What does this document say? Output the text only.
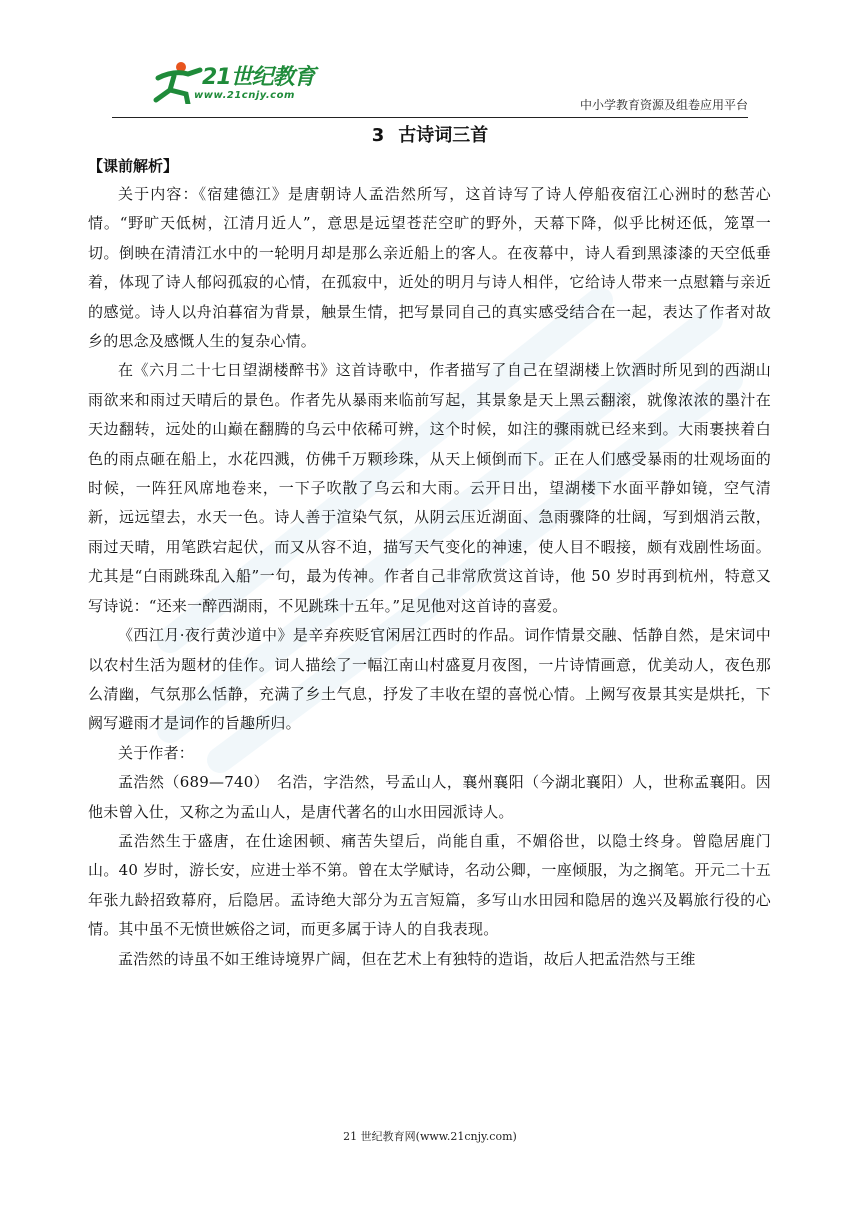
21世纪教育
www.21cnjy.com
中小学教育资源及组卷应用平台
3 古诗词三首
【课前解析】

关于内容：《宿建德江》是唐朝诗人孟浩然所写，这首诗写了诗人停船夜宿江心洲时的愁苦心情。“野旷天低树，江清月近人”，意思是远望苍茫空旷的野外，天幕下降，似乎比树还低，笼罩一切。倒映在清清江水中的一轮明月却是那么亲近船上的客人。在夜幕中，诗人看到黑漆漆的天空低垂着，体现了诗人郁闷孤寂的心情，在孤寂中，近处的明月与诗人相伴，它给诗人带来一点慰籍与亲近的感觉。诗人以舟泊暮宿为背景，触景生情，把写景同自己的真实感受结合在一起，表达了作者对故乡的思念及感慨人生的复杂心情。

在《六月二十七日望湖楼醉书》这首诗歌中，作者描写了自己在望湖楼上饮酒时所见到的西湖山雨欲来和雨过天晴后的景色。作者先从暴雨来临前写起，其景象是天上黑云翻滚，就像浓浓的墨汁在天边翻转，远处的山巅在翻腾的乌云中依稀可辨，这个时候，如注的骤雨就已经来到。大雨裹挟着白色的雨点砸在船上，水花四溅，仿佛千万颗珍珠，从天上倾倒而下。正在人们感受暴雨的壮观场面的时候，一阵狂风席地卷来，一下子吹散了乌云和大雨。云开日出，望湖楼下水面平静如镜，空气清新，远远望去，水天一色。诗人善于渲染气氛，从阴云压近湖面、急雨骤降的壮阔，写到烟消云散，雨过天晴，用笔跌宕起伏，而又从容不迫，描写天气变化的神速，使人目不暇接，颇有戏剧性场面。尤其是“白雨跳珠乱入船”一句，最为传神。作者自己非常欣赏这首诗，他 50 岁时再到杭州，特意又写诗说：“还来一醉西湖雨，不见跳珠十五年。”足见他对这首诗的喜爱。

《西江月·夜行黄沙道中》是辛弃疾贬官闲居江西时的作品。词作情景交融、恬静自然，是宋词中以农村生活为题材的佳作。词人描绘了一幅江南山村盛夏月夜图，一片诗情画意，优美动人，夜色那么清幽，气氛那么恬静，充满了乡土气息，抒发了丰收在望的喜悦心情。上阙写夜景其实是烘托，下阙写避雨才是词作的旨趣所归。

关于作者：

孟浩然（689—740）　名浩，字浩然，号孟山人，襄州襄阳（今湖北襄阳）人，世称孟襄阳。因他未曾入仕，又称之为孟山人，是唐代著名的山水田园派诗人。

孟浩然生于盛唐，在仕途困顿、痛苦失望后，尚能自重，不媚俗世，以隐士终身。曾隐居鹿门山。40 岁时，游长安，应进士举不第。曾在太学赋诗，名动公卿，一座倾服，为之搁笔。开元二十五年张九龄招致幕府，后隐居。孟诗绝大部分为五言短篇，多写山水田园和隐居的逸兴及羁旅行役的心情。其中虽不无愤世嫉俗之词，而更多属于诗人的自我表现。

孟浩然的诗虽不如王维诗境界广阔，但在艺术上有独特的造诣，故后人把孟浩然与王维

21 世纪教育网(www.21cnjy.com)
